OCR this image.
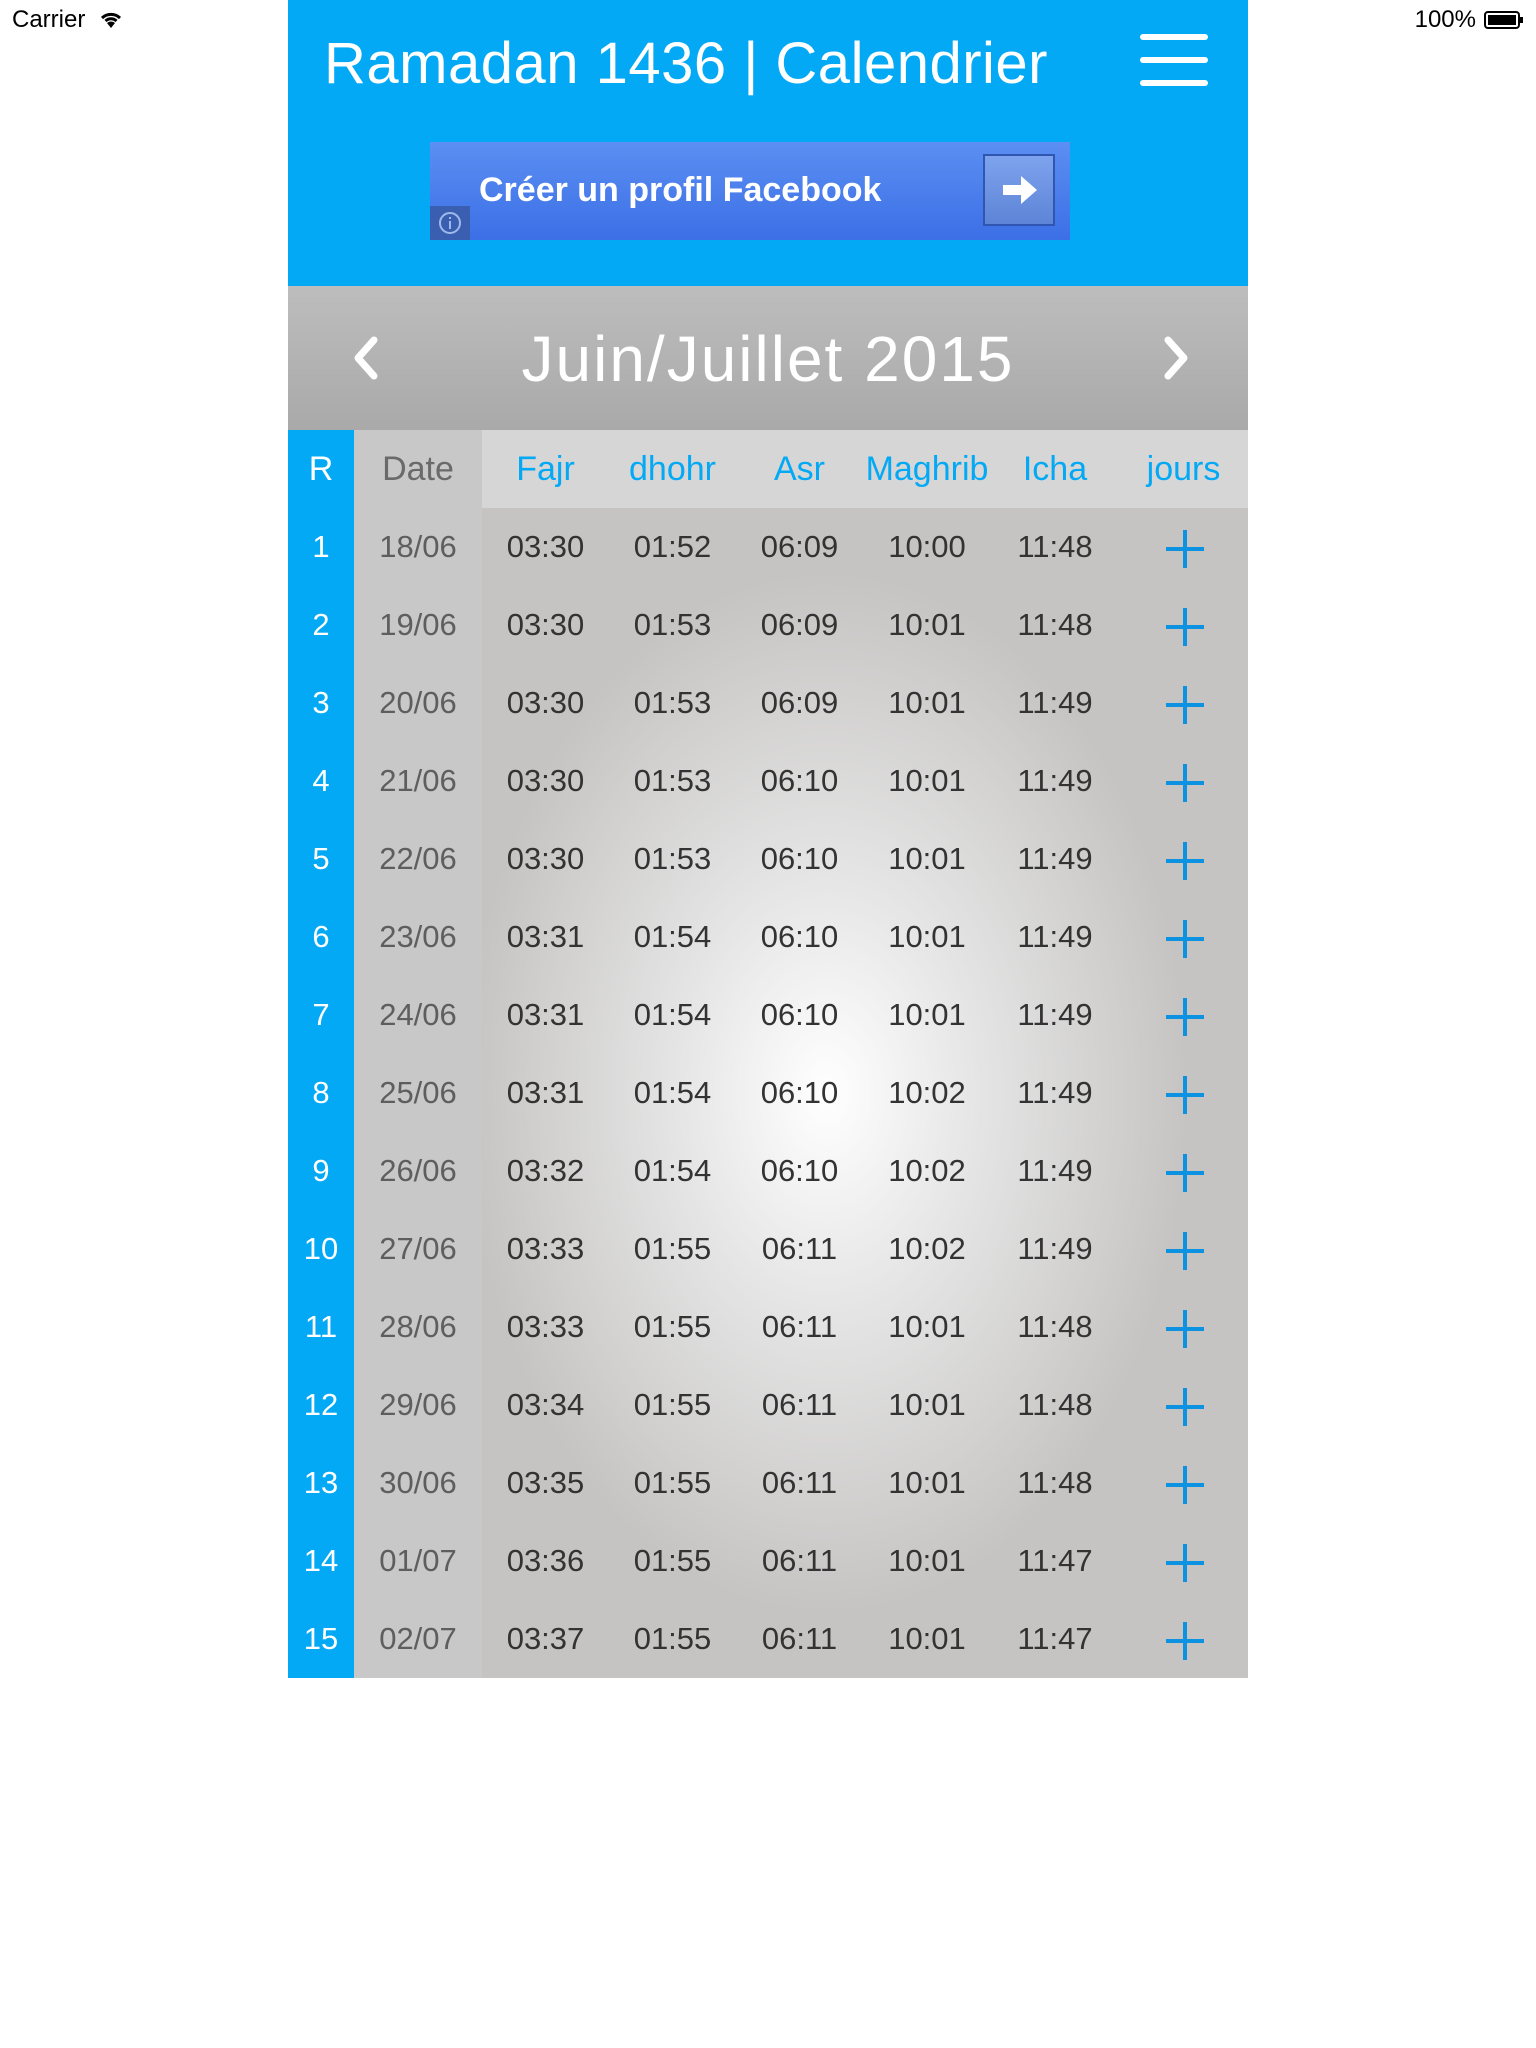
Carrier	100%
Ramadan 1436 | Calendrier
Créer un profil Facebook
Juin/Juillet 2015
R	Date	Fajr	dhohr	Asr	Maghrib	Icha	jours
1	18/06	03:30	01:52	06:09	10:00	11:48
2	19/06	03:30	01:53	06:09	10:01	11:48
3	20/06	03:30	01:53	06:09	10:01	11:49
4	21/06	03:30	01:53	06:10	10:01	11:49
5	22/06	03:30	01:53	06:10	10:01	11:49
6	23/06	03:31	01:54	06:10	10:01	11:49
7	24/06	03:31	01:54	06:10	10:01	11:49
8	25/06	03:31	01:54	06:10	10:02	11:49
9	26/06	03:32	01:54	06:10	10:02	11:49
10	27/06	03:33	01:55	06:11	10:02	11:49
11	28/06	03:33	01:55	06:11	10:01	11:48
12	29/06	03:34	01:55	06:11	10:01	11:48
13	30/06	03:35	01:55	06:11	10:01	11:48
14	01/07	03:36	01:55	06:11	10:01	11:47
15	02/07	03:37	01:55	06:11	10:01	11:47
